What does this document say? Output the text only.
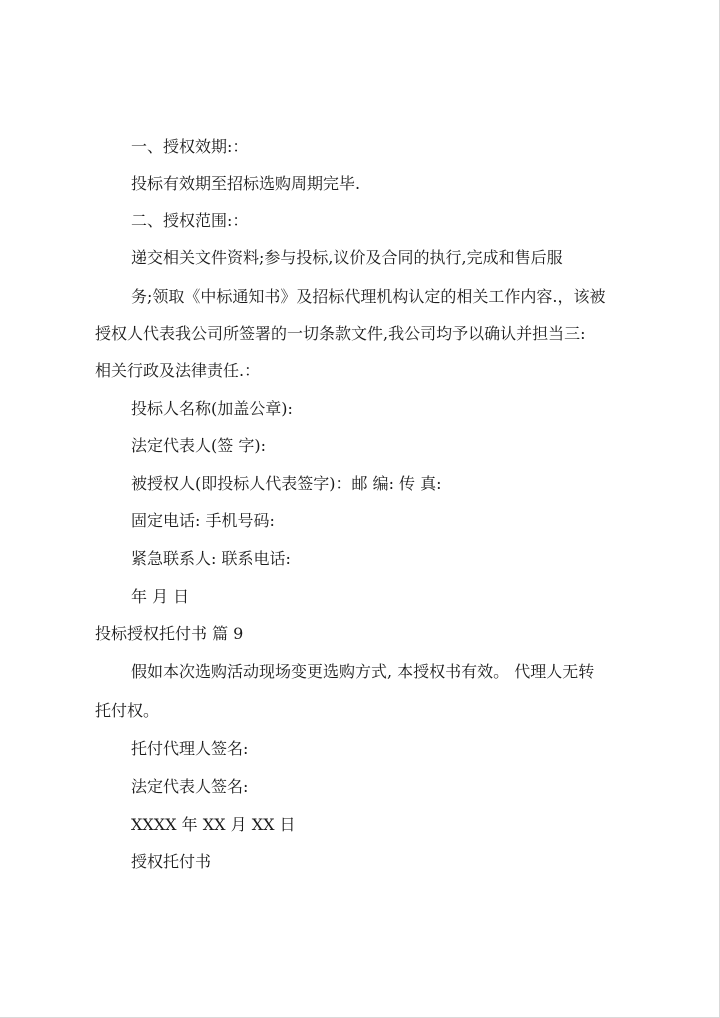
一、授权效期:：
投标有效期至招标选购周期完毕.
二、授权范围:：
递交相关文件资料;参与投标,议价及合同的执行,完成和售后服
务;领取《中标通知书》及招标代理机构认定的相关工作内容.，该被
授权人代表我公司所签署的一切条款文件,我公司均予以确认并担当三:
相关行政及法律责任.：
投标人名称(加盖公章):
法定代表人(签 字):
被授权人(即投标人代表签字)：邮 编: 传 真:
固定电话: 手机号码:
紧急联系人: 联系电话:
年 月 日
投标授权托付书 篇 9
假如本次选购活动现场变更选购方式, 本授权书有效。 代理人无转
托付权。
托付代理人签名:
法定代表人签名:
XXXX 年 XX 月 XX 日
授权托付书
